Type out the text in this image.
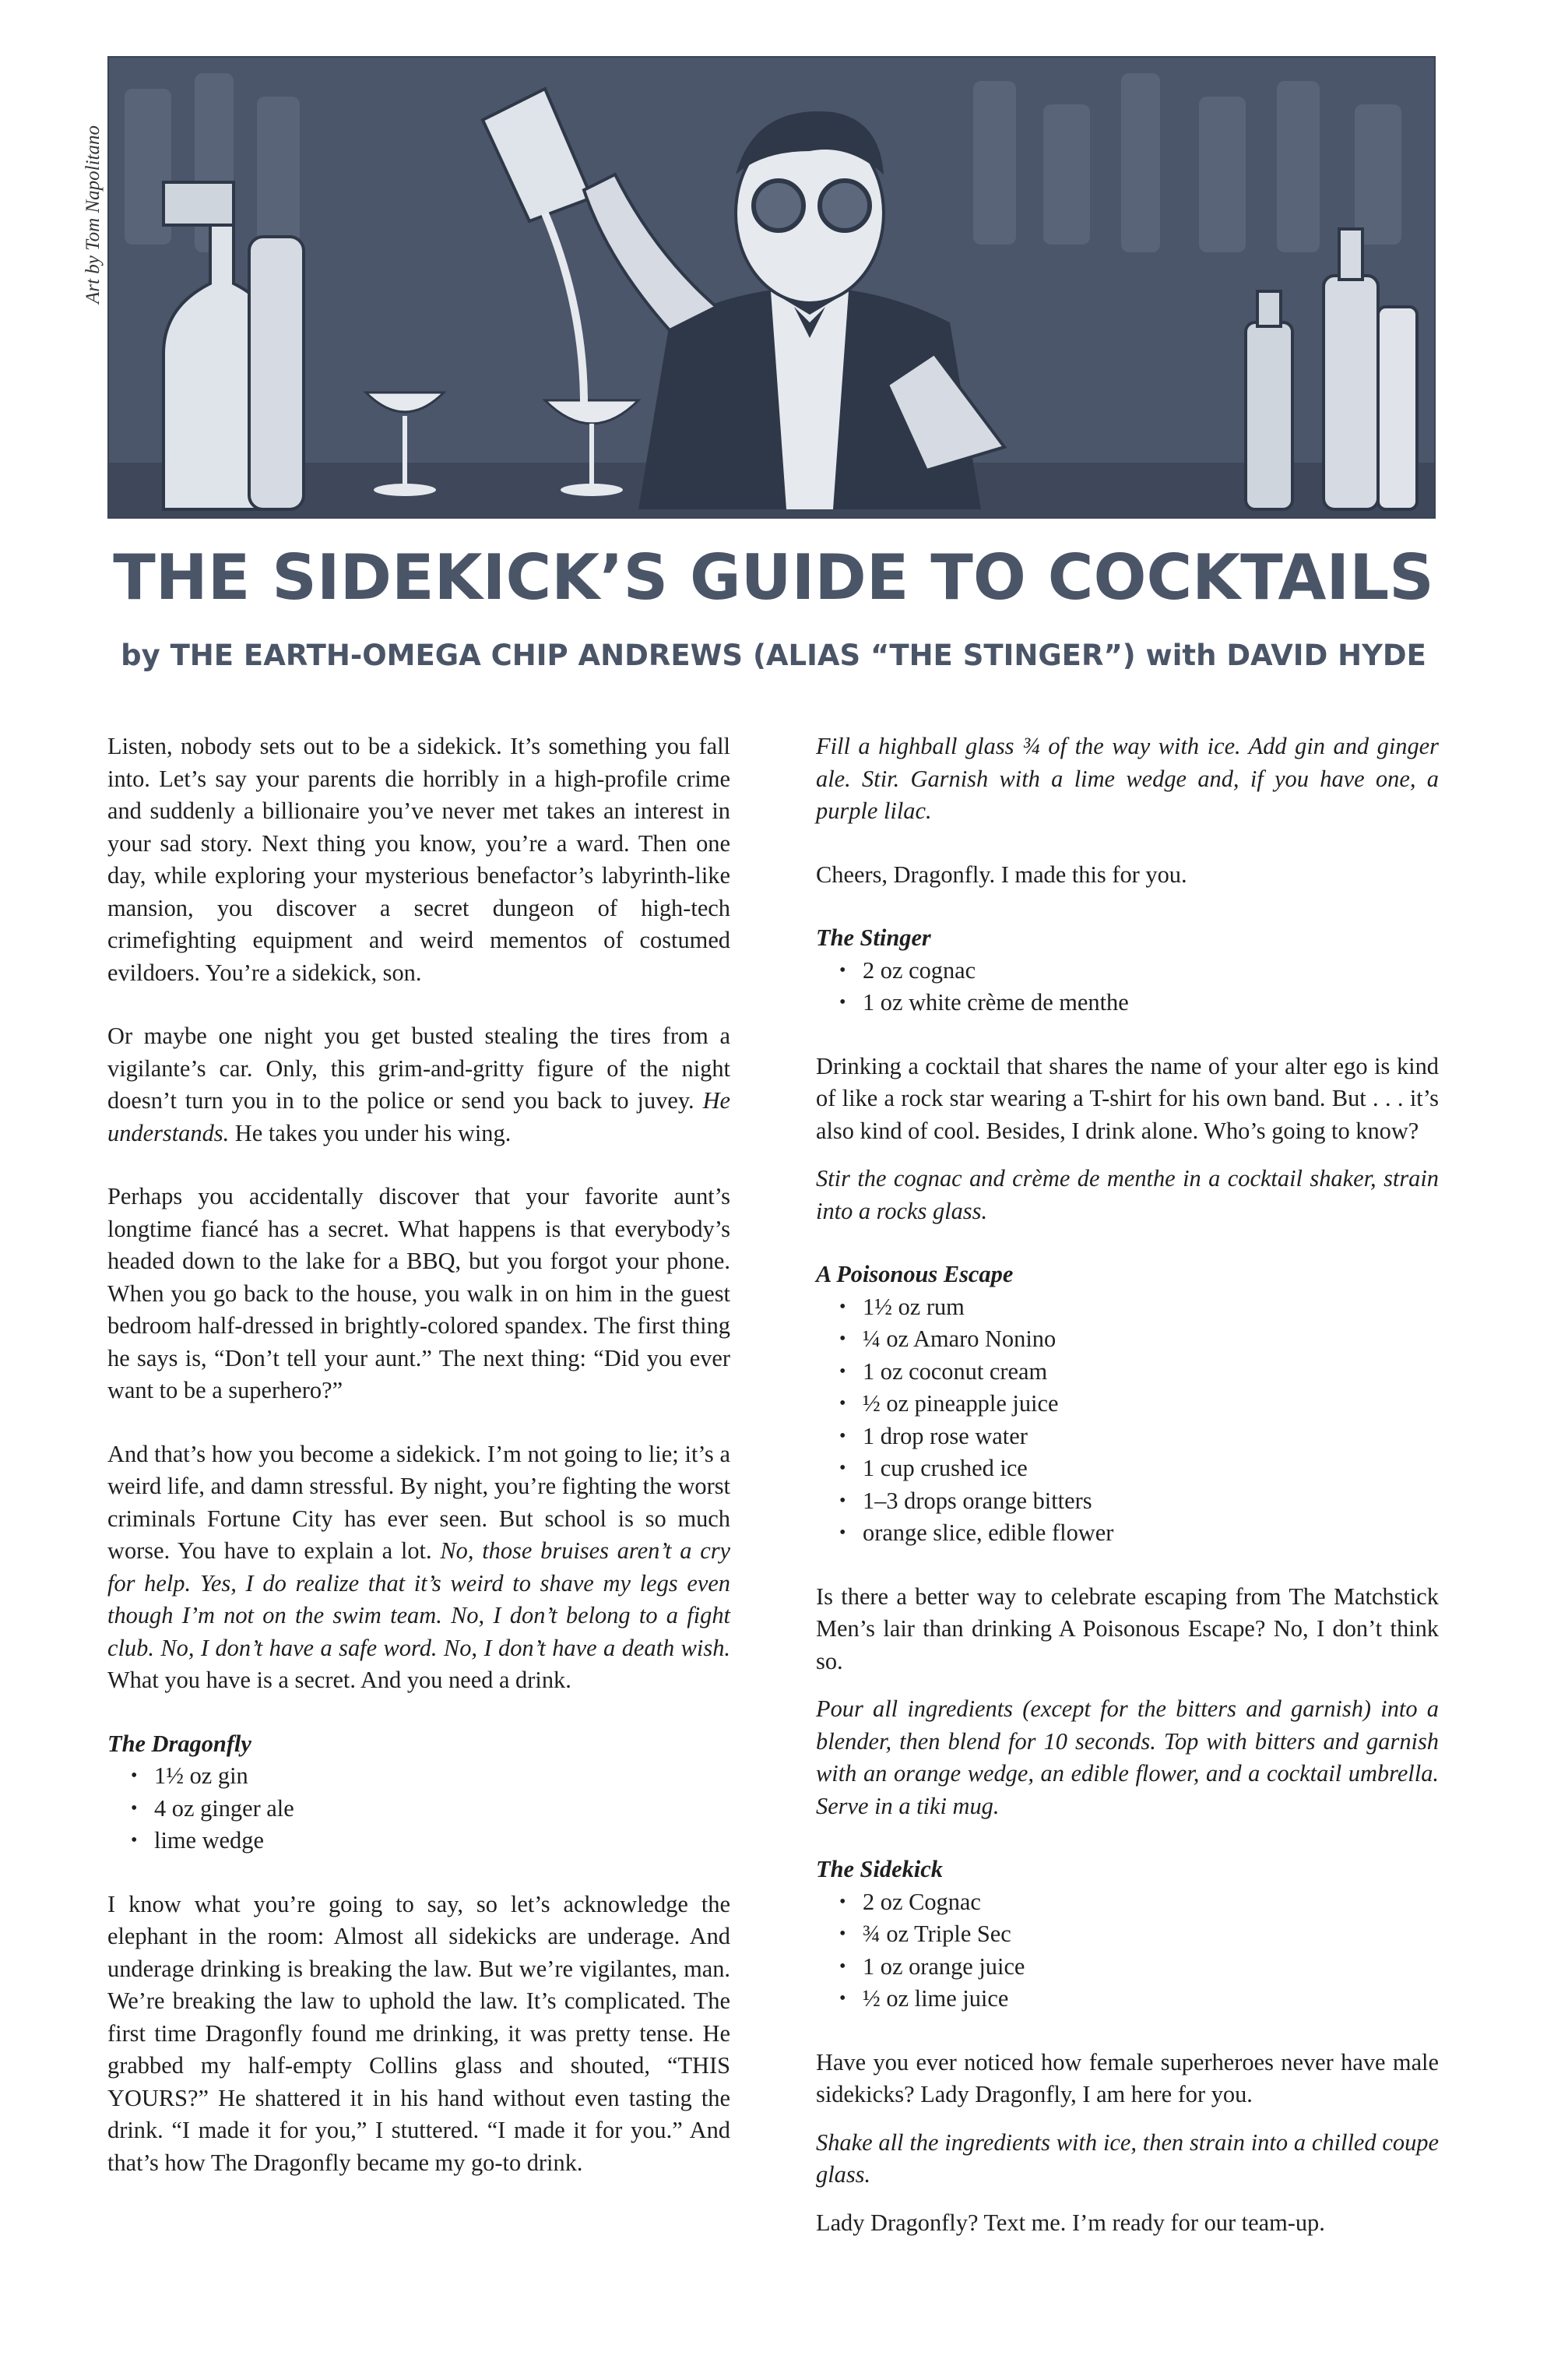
Art by Tom Napolitano
THE SIDEKICK’S GUIDE TO COCKTAILS
by THE EARTH-OMEGA CHIP ANDREWS (ALIAS “THE STINGER”) with DAVID HYDE

Listen, nobody sets out to be a sidekick. It’s something you fall into. Let’s say your parents die horribly in a high-profile crime and suddenly a billionaire you’ve never met takes an interest in your sad story. Next thing you know, you’re a ward. Then one day, while exploring your mysterious benefactor’s labyrinth-like mansion, you discover a secret dungeon of high-tech crimefighting equipment and weird mementos of costumed evildoers. You’re a sidekick, son.

Or maybe one night you get busted stealing the tires from a vigilante’s car. Only, this grim-and-gritty figure of the night doesn’t turn you in to the police or send you back to juvey. He understands. He takes you under his wing.

Perhaps you accidentally discover that your favorite aunt’s longtime fiancé has a secret. What happens is that everybody’s headed down to the lake for a BBQ, but you forgot your phone. When you go back to the house, you walk in on him in the guest bedroom half-dressed in brightly-colored spandex. The first thing he says is, “Don’t tell your aunt.” The next thing: “Did you ever want to be a superhero?”

And that’s how you become a sidekick. I’m not going to lie; it’s a weird life, and damn stressful. By night, you’re fighting the worst criminals Fortune City has ever seen. But school is so much worse. You have to explain a lot. No, those bruises aren’t a cry for help. Yes, I do realize that it’s weird to shave my legs even though I’m not on the swim team. No, I don’t belong to a fight club. No, I don’t have a safe word. No, I don’t have a death wish. What you have is a secret. And you need a drink.

The Dragonfly

• 1½ oz gin
• 4 oz ginger ale
• lime wedge

I know what you’re going to say, so let’s acknowledge the elephant in the room: Almost all sidekicks are underage. And underage drinking is breaking the law. But we’re vigilantes, man. We’re breaking the law to uphold the law. It’s complicated. The first time Dragonfly found me drinking, it was pretty tense. He grabbed my half-empty Collins glass and shouted, “THIS YOURS?” He shattered it in his hand without even tasting the drink. “I made it for you,” I stuttered. “I made it for you.” And that’s how The Dragonfly became my go-to drink.

Fill a highball glass ¾ of the way with ice. Add gin and ginger ale. Stir. Garnish with a lime wedge and, if you have one, a purple lilac.

Cheers, Dragonfly. I made this for you.

The Stinger

• 2 oz cognac
• 1 oz white crème de menthe

Drinking a cocktail that shares the name of your alter ego is kind of like a rock star wearing a T-shirt for his own band. But . . . it’s also kind of cool. Besides, I drink alone. Who’s going to know?

Stir the cognac and crème de menthe in a cocktail shaker, strain into a rocks glass.

A Poisonous Escape

• 1½ oz rum
• ¼ oz Amaro Nonino
• 1 oz coconut cream
• ½ oz pineapple juice
• 1 drop rose water
• 1 cup crushed ice
• 1–3 drops orange bitters
• orange slice, edible flower

Is there a better way to celebrate escaping from The Matchstick Men’s lair than drinking A Poisonous Escape? No, I don’t think so.

Pour all ingredients (except for the bitters and garnish) into a blender, then blend for 10 seconds. Top with bitters and garnish with an orange wedge, an edible flower, and a cocktail umbrella. Serve in a tiki mug.

The Sidekick

• 2 oz Cognac
• ¾ oz Triple Sec
• 1 oz orange juice
• ½ oz lime juice

Have you ever noticed how female superheroes never have male sidekicks? Lady Dragonfly, I am here for you.

Shake all the ingredients with ice, then strain into a chilled coupe glass.

Lady Dragonfly? Text me. I’m ready for our team-up.
